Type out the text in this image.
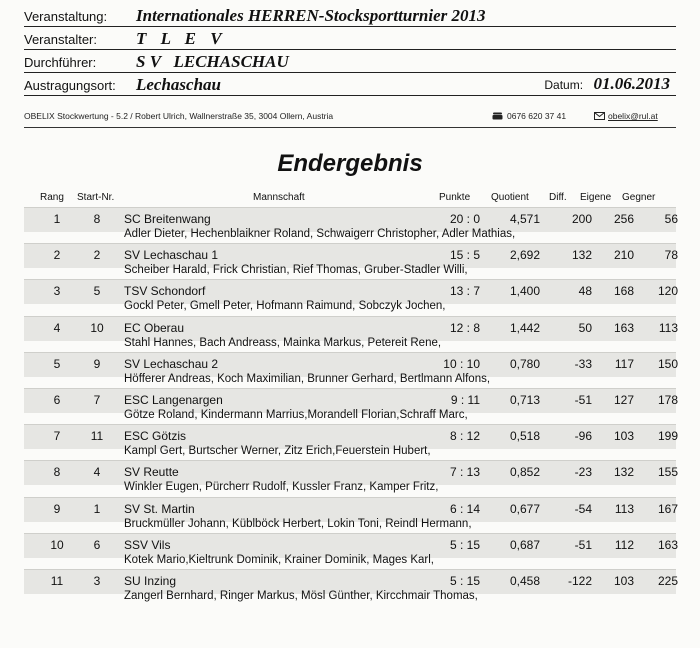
Veranstaltung: Internationales HERREN-Stocksportturnier 2013
Veranstalter: T L E V
Durchführer: S V   LECHASCHAU
Austragungsort: Lechaschau	Datum: 01.06.2013
OBELIX Stockwertung - 5.2 / Robert Ulrich, Wallnerstraße 35, 3004 Ollern, Austria	0676 620 37 41	obelix@rul.at
Endergebnis
Rang Start-Nr.	Mannschaft	Punkte Quotient Diff. Eigene Gegner
1	8	SC Breitenwang	20 : 0	4,571	200	256	56
Adler Dieter, Hechenblaikner Roland, Schwaigerr Christopher, Adler Mathias,
2	2	SV Lechaschau 1	15 : 5	2,692	132	210	78
Scheiber Harald, Frick Christian, Rief Thomas, Gruber-Stadler Willi,
3	5	TSV Schondorf	13 : 7	1,400	48	168	120
Gockl Peter, Gmell Peter, Hofmann Raimund, Sobczyk Jochen,
4	10 EC Oberau	12 : 8	1,442	50	163	113
Stahl Hannes, Bach Andreass, Mainka Markus, Petereit Rene,
5	9	SV Lechaschau 2	10 : 10	0,780	-33	117	150
Höfferer Andreas, Koch Maximilian, Brunner Gerhard, Bertlmann Alfons,
6	7	ESC Langenargen	9 : 11	0,713	-51	127	178
Götze Roland, Kindermann Marrius,Morandell Florian,Schraff Marc,
7	11 ESC Götzis	8 : 12	0,518	-96	103	199
Kampl Gert, Burtscher Werner, Zitz Erich,Feuerstein Hubert,
8	4	SV Reutte	7 : 13	0,852	-23	132	155
Winkler Eugen, Pürcherr Rudolf, Kussler Franz, Kamper Fritz,
9	1	SV St. Martin	6 : 14	0,677	-54	113	167
Bruckmüller Johann, Küblböck Herbert, Lokin Toni, Reindl Hermann,
10	6	SSV Vils	5 : 15	0,687	-51	112	163
Kotek Mario,Kieltrunk Dominik, Krainer Dominik, Mages Karl,
11	3	SU Inzing	5 : 15	0,458	-122	103	225
Zangerl Bernhard, Ringer Markus, Mösl Günther, Kircchmair Thomas,
